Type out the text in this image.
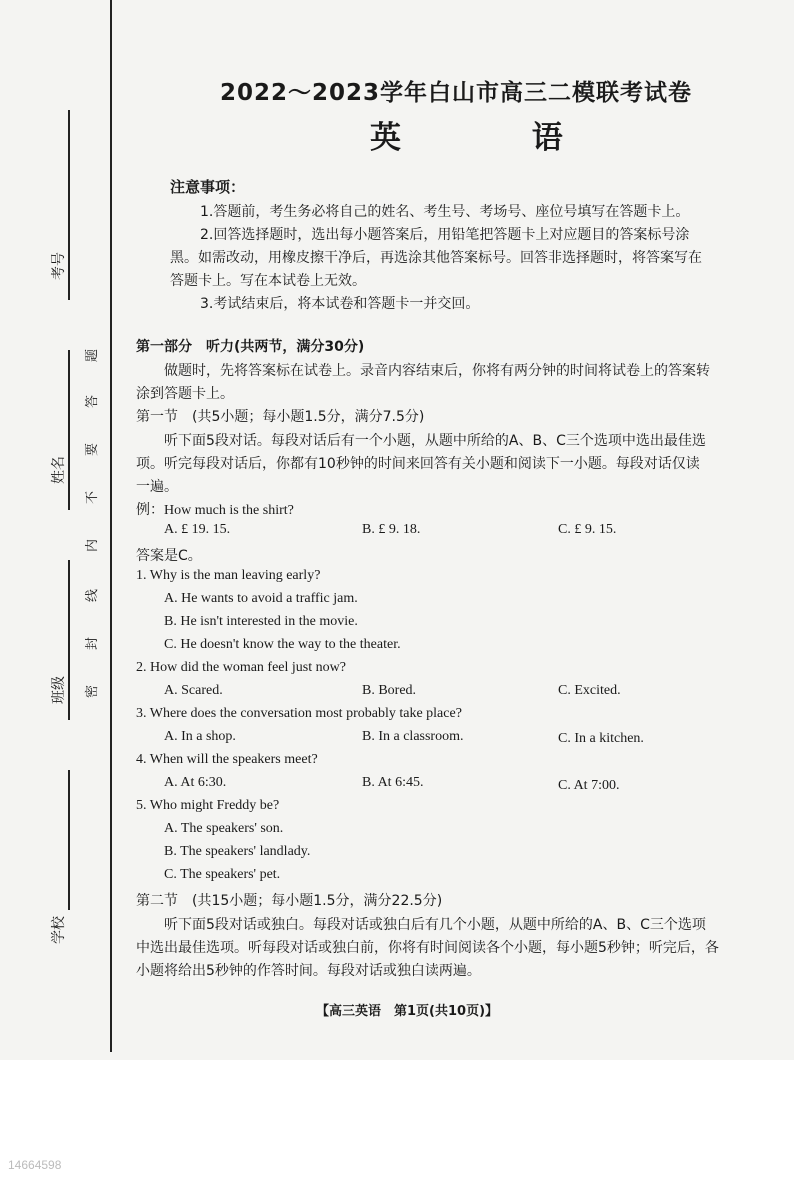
考号
姓名
班级
学校
题
答
要
不
内
线
封
密
2022～2023学年白山市高三二模联考试卷
英 语
注意事项：
1.答题前，考生务必将自己的姓名、考生号、考场号、座位号填写在答题卡上。
2.回答选择题时，选出每小题答案后，用铅笔把答题卡上对应题目的答案标号涂
黑。如需改动，用橡皮擦干净后，再选涂其他答案标号。回答非选择题时，将答案写在
答题卡上。写在本试卷上无效。
3.考试结束后，将本试卷和答题卡一并交回。
第一部分　听力(共两节，满分30分)
做题时，先将答案标在试卷上。录音内容结束后，你将有两分钟的时间将试卷上的答案转
涂到答题卡上。
第一节　(共5小题；每小题1.5分，满分7.5分)
听下面5段对话。每段对话后有一个小题，从题中所给的A、B、C三个选项中选出最佳选
项。听完每段对话后，你都有10秒钟的时间来回答有关小题和阅读下一小题。每段对话仅读
一遍。
例：How much is the shirt?
A. £ 19. 15.	B. £ 9. 18.	C. £ 9. 15.
答案是C。
1. Why is the man leaving early?
A. He wants to avoid a traffic jam.
B. He isn't interested in the movie.
C. He doesn't know the way to the theater.
2. How did the woman feel just now?
A. Scared.	B. Bored.	C. Excited.
3. Where does the conversation most probably take place?
A. In a shop.	B. In a classroom.	C. In a kitchen.
4. When will the speakers meet?
A. At 6:30.	B. At 6:45.	C. At 7:00.
5. Who might Freddy be?
A. The speakers' son.
B. The speakers' landlady.
C. The speakers' pet.
第二节　(共15小题；每小题1.5分，满分22.5分)
听下面5段对话或独白。每段对话或独白后有几个小题，从题中所给的A、B、C三个选项
中选出最佳选项。听每段对话或独白前，你将有时间阅读各个小题，每小题5秒钟；听完后，各
小题将给出5秒钟的作答时间。每段对话或独白读两遍。
【高三英语　第1页(共10页)】
14664598
